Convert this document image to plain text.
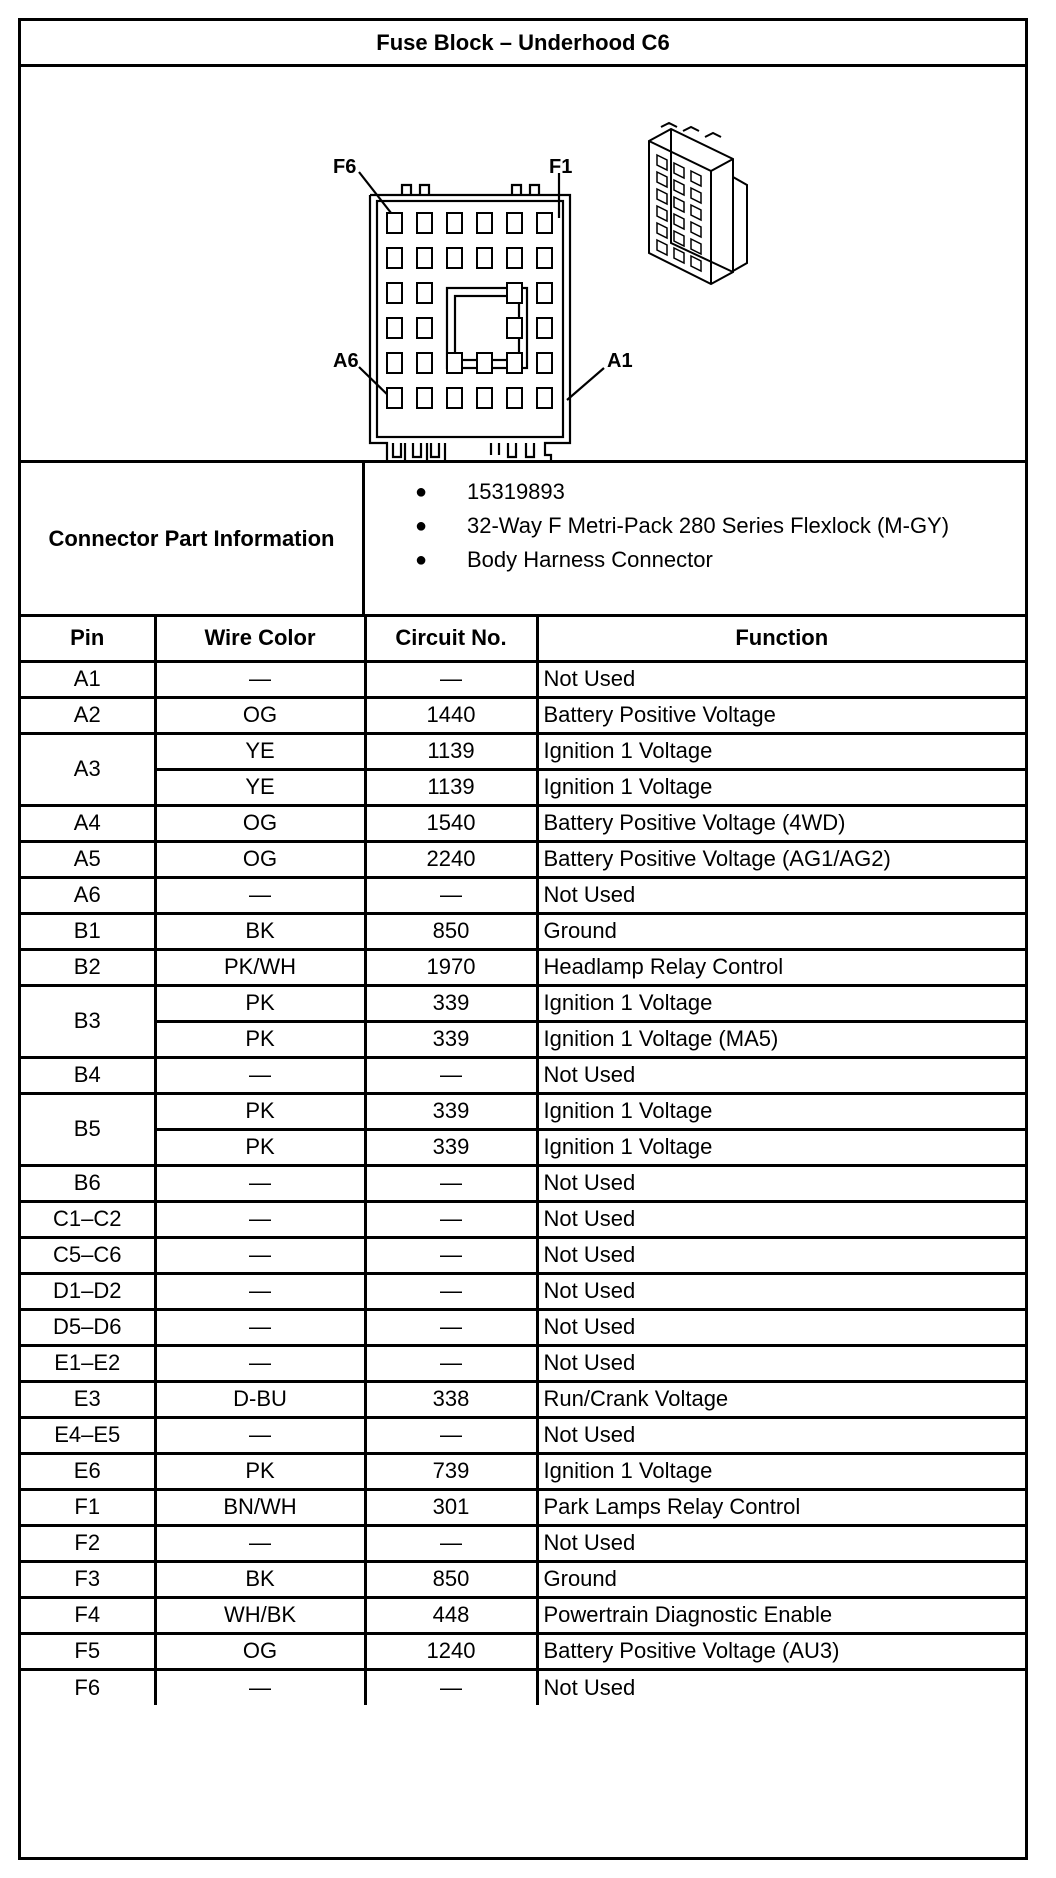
Fuse Block – Underhood C6
F6	F1
A6	A1
Connector Part Information
●	15319893
●	32-Way F Metri-Pack 280 Series Flexlock (M-GY)
●	Body Harness Connector
Pin	Wire Color	Circuit No.	Function
A1	—	—	Not Used
A2	OG	1440	Battery Positive Voltage
A3	YE	1139	Ignition 1 Voltage
	YE	1139	Ignition 1 Voltage
A4	OG	1540	Battery Positive Voltage (4WD)
A5	OG	2240	Battery Positive Voltage (AG1/AG2)
A6	—	—	Not Used
B1	BK	850	Ground
B2	PK/WH	1970	Headlamp Relay Control
B3	PK	339	Ignition 1 Voltage
	PK	339	Ignition 1 Voltage (MA5)
B4	—	—	Not Used
B5	PK	339	Ignition 1 Voltage
	PK	339	Ignition 1 Voltage
B6	—	—	Not Used
C1–C2	—	—	Not Used
C5–C6	—	—	Not Used
D1–D2	—	—	Not Used
D5–D6	—	—	Not Used
E1–E2	—	—	Not Used
E3	D-BU	338	Run/Crank Voltage
E4–E5	—	—	Not Used
E6	PK	739	Ignition 1 Voltage
F1	BN/WH	301	Park Lamps Relay Control
F2	—	—	Not Used
F3	BK	850	Ground
F4	WH/BK	448	Powertrain Diagnostic Enable
F5	OG	1240	Battery Positive Voltage (AU3)
F6	—	—	Not Used
